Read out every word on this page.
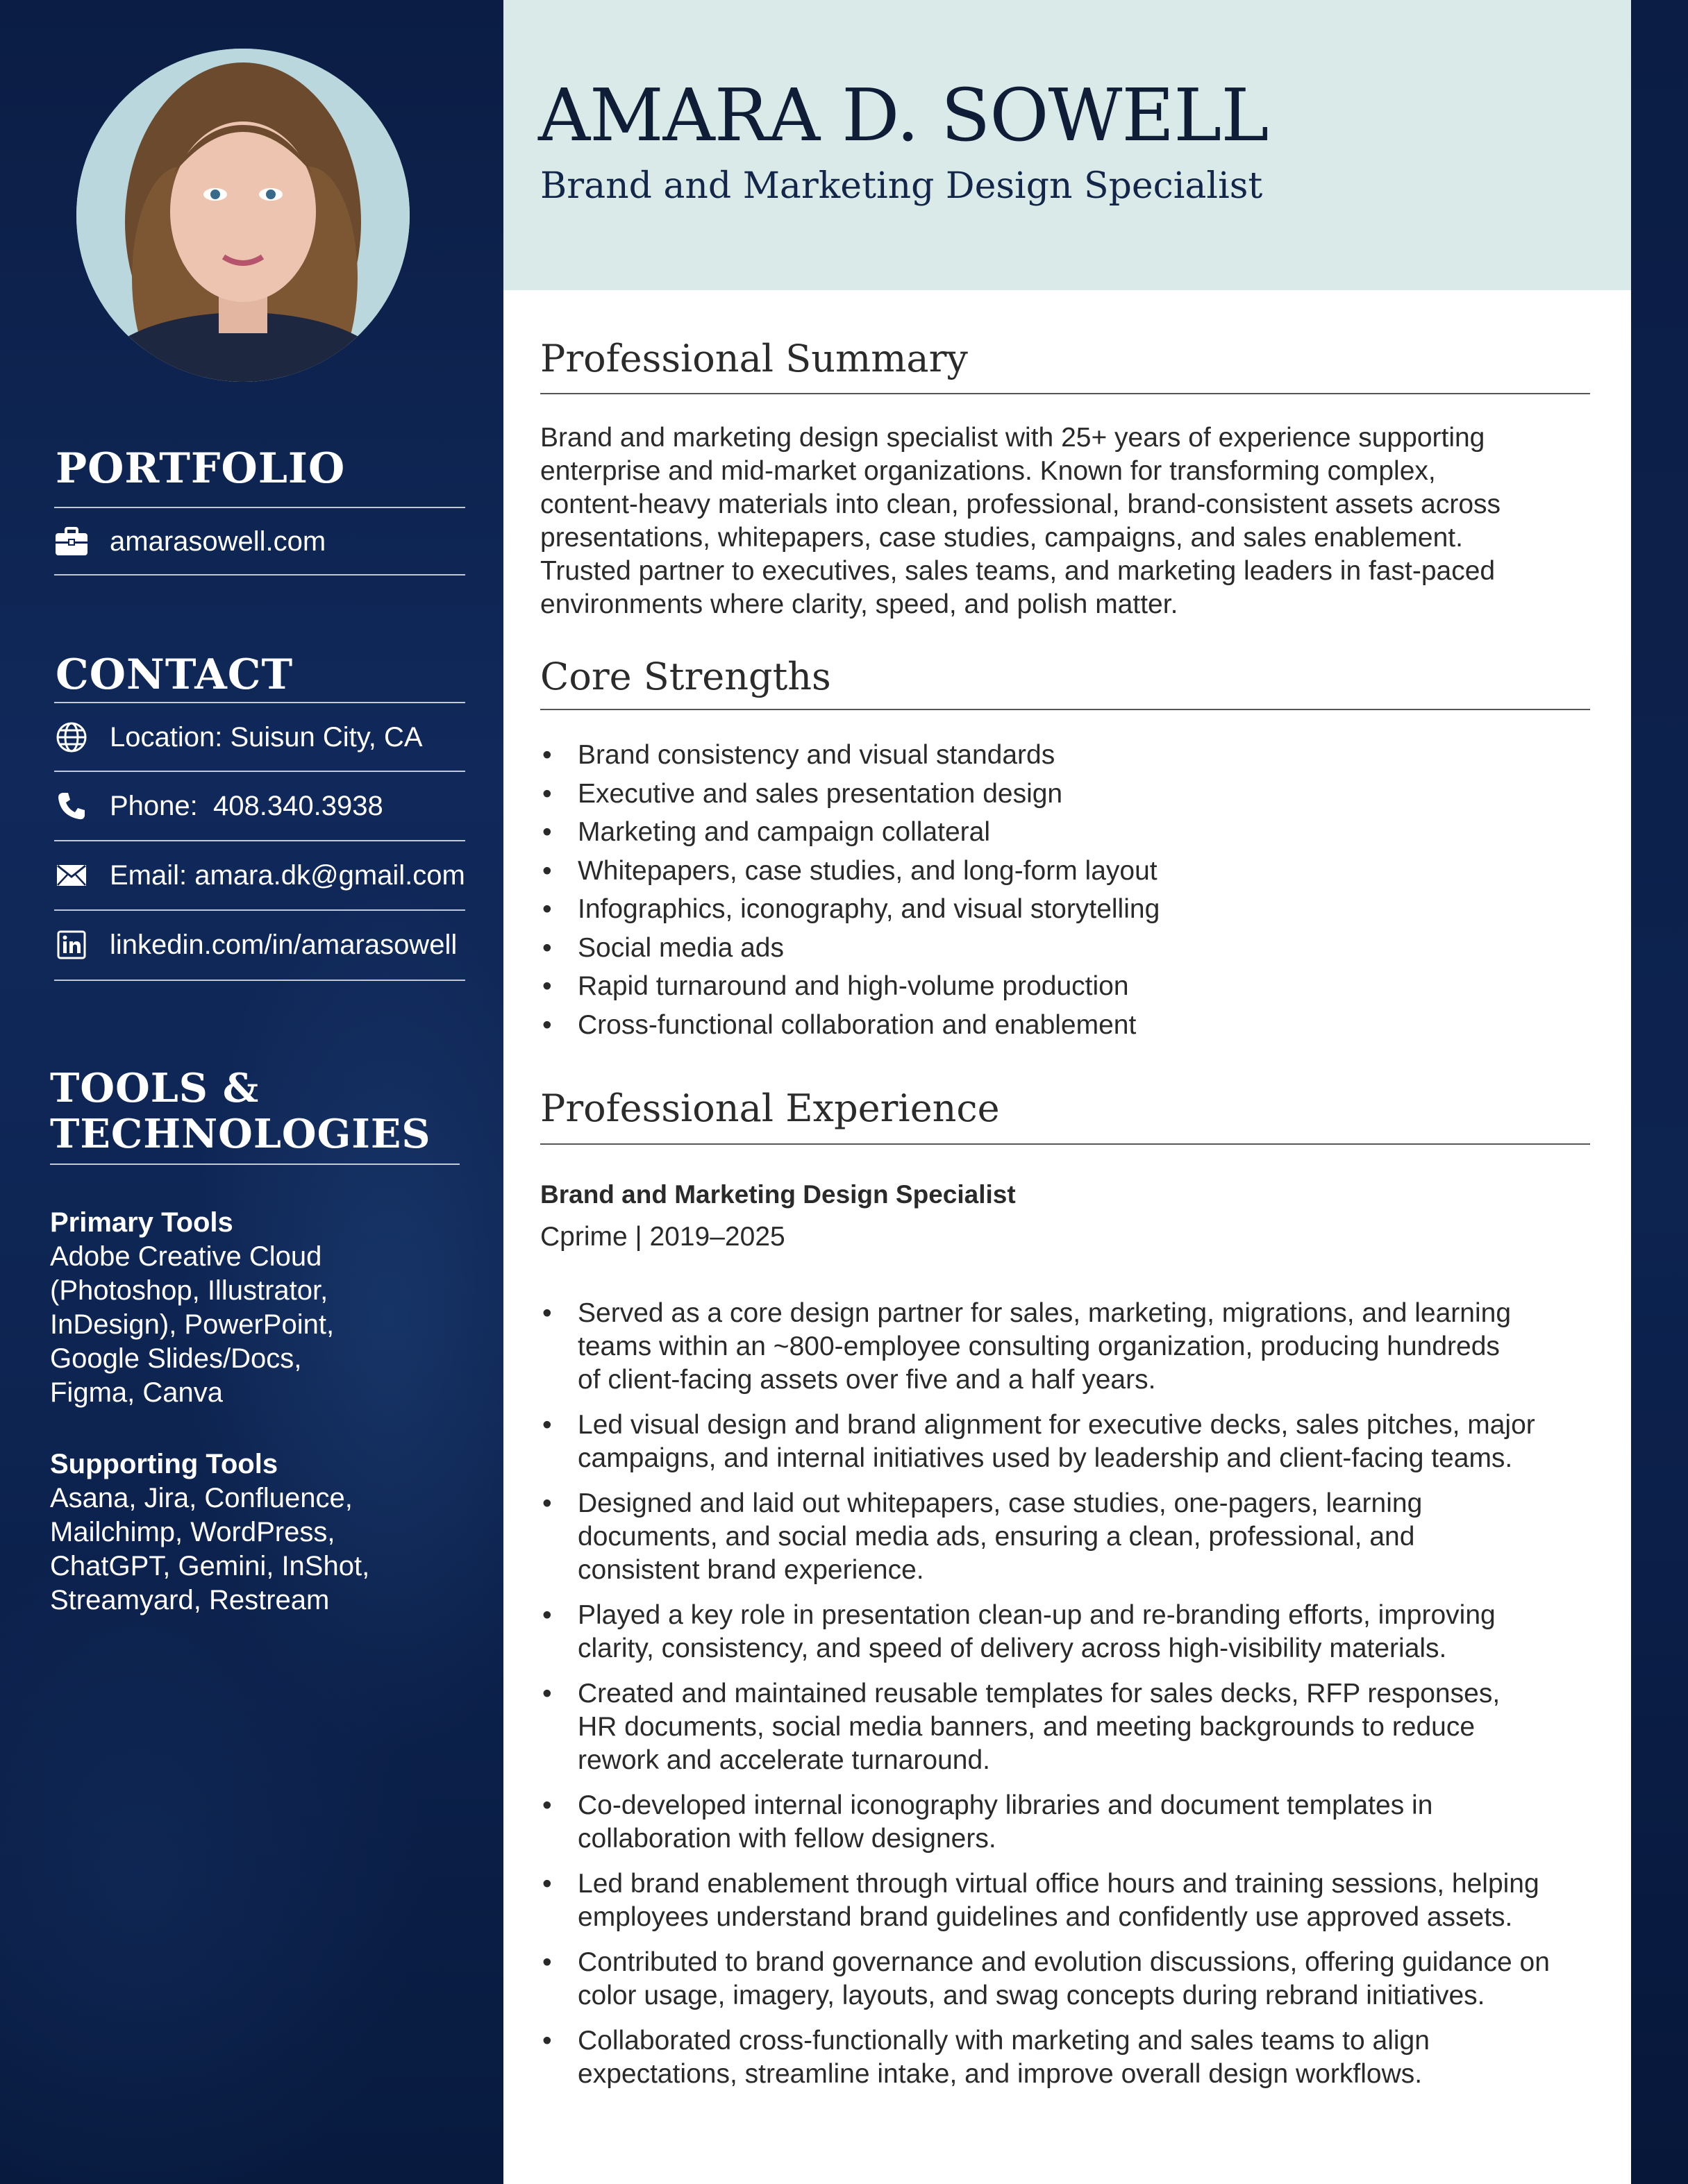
PORTFOLIO
amarasowell.com
CONTACT
Location: Suisun City, CA
Phone:  408.340.3938
Email: amara.dk@gmail.com
linkedin.com/in/amarasowell
TOOLS &
TECHNOLOGIES
Primary Tools
Adobe Creative Cloud
(Photoshop, Illustrator,
InDesign), PowerPoint,
Google Slides/Docs,
Figma, Canva
Supporting Tools
Asana, Jira, Confluence,
Mailchimp, WordPress,
ChatGPT, Gemini, InShot,
Streamyard, Restream
AMARA D. SOWELL
Brand and Marketing Design Specialist
Professional Summary
Brand and marketing design specialist with 25+ years of experience supporting
enterprise and mid-market organizations. Known for transforming complex,
content-heavy materials into clean, professional, brand-consistent assets across
presentations, whitepapers, case studies, campaigns, and sales enablement.
Trusted partner to executives, sales teams, and marketing leaders in fast-paced
environments where clarity, speed, and polish matter.
Core Strengths
• Brand consistency and visual standards
• Executive and sales presentation design
• Marketing and campaign collateral
• Whitepapers, case studies, and long-form layout
• Infographics, iconography, and visual storytelling
• Social media ads
• Rapid turnaround and high-volume production
• Cross-functional collaboration and enablement
Professional Experience
Brand and Marketing Design Specialist
Cprime | 2019–2025
• Served as a core design partner for sales, marketing, migrations, and learning
teams within an ~800-employee consulting organization, producing hundreds
of client-facing assets over five and a half years.
• Led visual design and brand alignment for executive decks, sales pitches, major
campaigns, and internal initiatives used by leadership and client-facing teams.
• Designed and laid out whitepapers, case studies, one-pagers, learning
documents, and social media ads, ensuring a clean, professional, and
consistent brand experience.
• Played a key role in presentation clean-up and re-branding efforts, improving
clarity, consistency, and speed of delivery across high-visibility materials.
• Created and maintained reusable templates for sales decks, RFP responses,
HR documents, social media banners, and meeting backgrounds to reduce
rework and accelerate turnaround.
• Co-developed internal iconography libraries and document templates in
collaboration with fellow designers.
• Led brand enablement through virtual office hours and training sessions, helping
employees understand brand guidelines and confidently use approved assets.
• Contributed to brand governance and evolution discussions, offering guidance on
color usage, imagery, layouts, and swag concepts during rebrand initiatives.
• Collaborated cross-functionally with marketing and sales teams to align
expectations, streamline intake, and improve overall design workflows.
